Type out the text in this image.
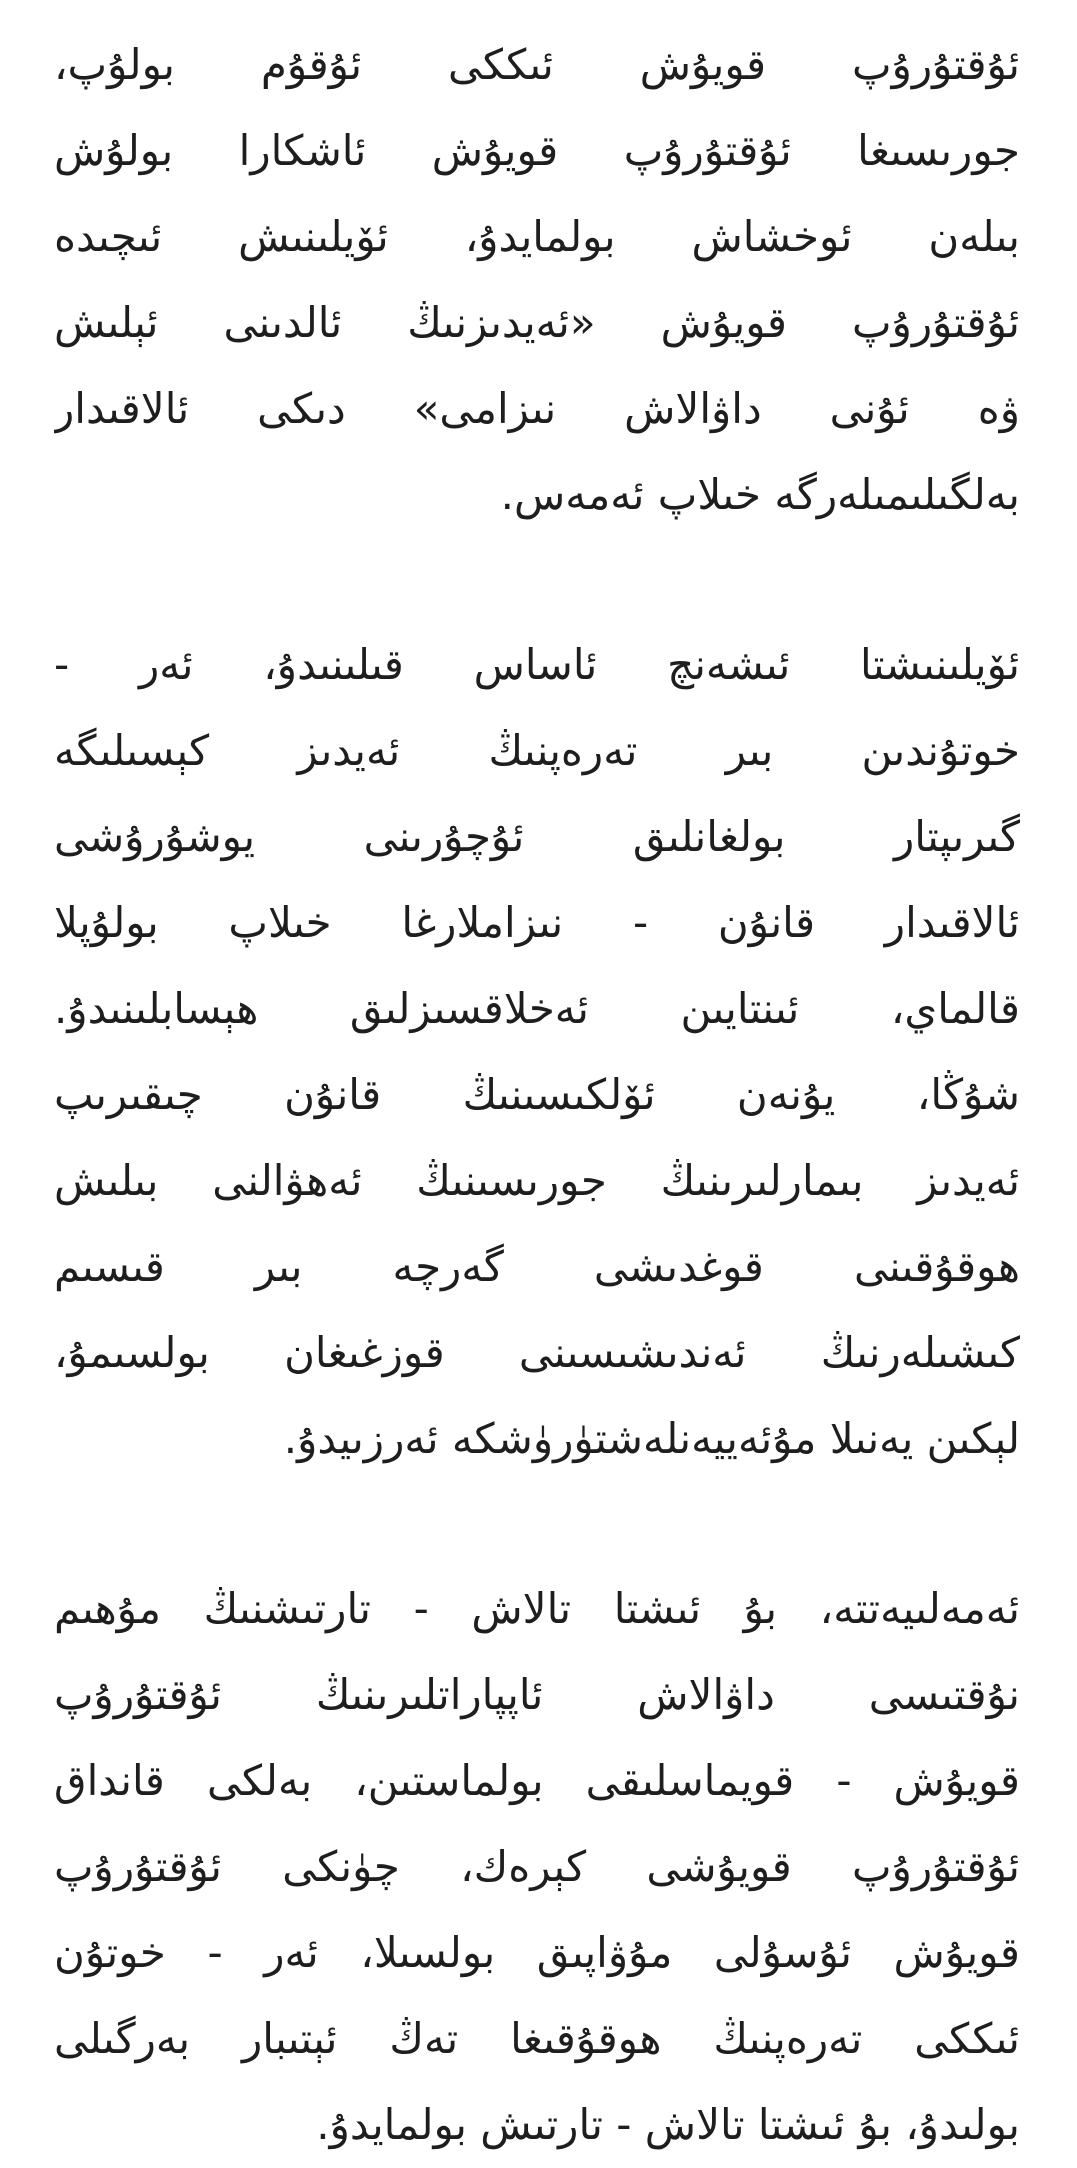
ئۇقتۇرۇپ قويۇش ئىككى ئۇقۇم بولۇپ،
جورىسىغا ئۇقتۇرۇپ قويۇش ئاشكارا بولۇش
بىلەن ئوخشاش بولمايدۇ، ئۆيلىنىش ئىچىدە
ئۇقتۇرۇپ قويۇش «ئەيدىزنىڭ ئالدىنى ئېلىش
ۋە ئۇنى داۋالاش نىزامى» دىكى ئالاقىدار
بەلگىلىمىلەرگە خىلاپ ئەمەس.
ئۆيلىنىشتا ئىشەنچ ئاساس قىلىنىدۇ، ئەر -
خوتۇندىن بىر تەرەپنىڭ ئەيدىز كېسىلىگە
گىرىپتار بولغانلىق ئۇچۇرىنى يوشۇرۇشى
ئالاقىدار قانۇن - نىزاملارغا خىلاپ بولۇپلا
قالماي، ئىنتايىن ئەخلاقسىزلىق ھېسابلىنىدۇ.
شۇڭا، يۇنەن ئۆلكىسىنىڭ قانۇن چىقىرىپ
ئەيدىز بىمارلىرىنىڭ جورىسىنىڭ ئەھۋالنى بىلىش
ھوقۇقىنى قوغدىشى گەرچە بىر قىسىم
كىشىلەرنىڭ ئەندىشىسىنى قوزغىغان بولسىمۇ،
لېكىن يەنىلا مۇئەييەنلەشتۈرۈشكە ئەرزىيدۇ.
ئەمەلىيەتتە، بۇ ئىشتا تالاش - تارتىشنىڭ مۇھىم
نۇقتىسى داۋالاش ئاپپاراتلىرىنىڭ ئۇقتۇرۇپ
قويۇش - قويماسلىقى بولماستىن، بەلكى قانداق
ئۇقتۇرۇپ قويۇشى كېرەك، چۈنكى ئۇقتۇرۇپ
قويۇش ئۇسۇلى مۇۋاپىق بولسىلا، ئەر - خوتۇن
ئىككى تەرەپنىڭ ھوقۇقىغا تەڭ ئېتىبار بەرگىلى
بولىدۇ، بۇ ئىشتا تالاش - تارتىش بولمايدۇ.
